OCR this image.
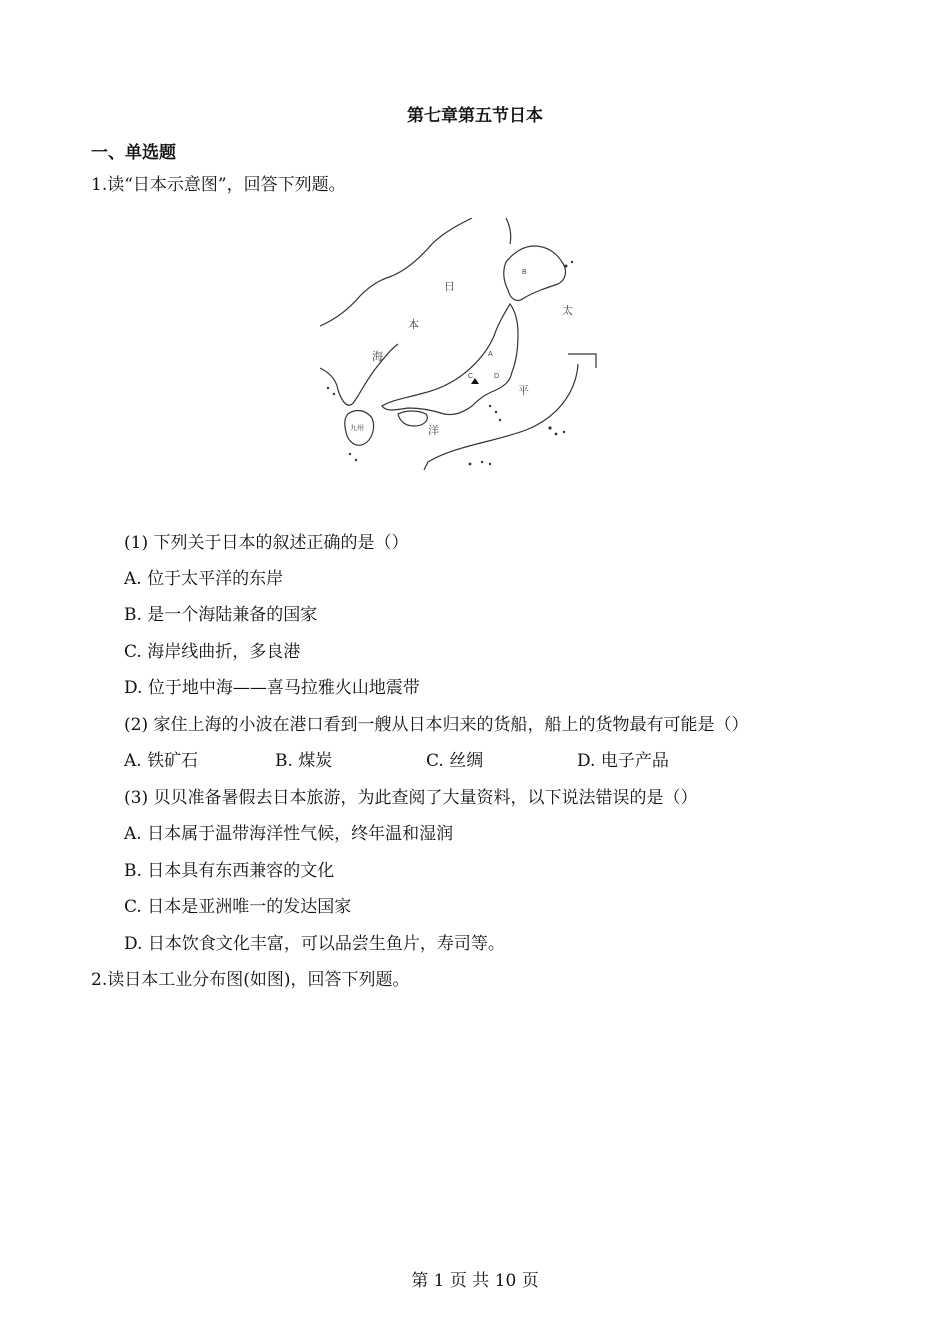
第七章第五节日本
一、单选题
1.读“日本示意图”，回答下列题。
日
本
海
太
平
洋
九州
A
B
C	D
(1) 下列关于日本的叙述正确的是（）
A. 位于太平洋的东岸
B. 是一个海陆兼备的国家
C. 海岸线曲折，多良港
D. 位于地中海——喜马拉雅火山地震带
(2) 家住上海的小波在港口看到一艘从日本归来的货船，船上的货物最有可能是（）
A. 铁矿石	B. 煤炭	C. 丝绸	D. 电子产品
(3) 贝贝准备暑假去日本旅游，为此查阅了大量资料，以下说法错误的是（）
A. 日本属于温带海洋性气候，终年温和湿润
B. 日本具有东西兼容的文化
C. 日本是亚洲唯一的发达国家
D. 日本饮食文化丰富，可以品尝生鱼片，寿司等。
2.读日本工业分布图(如图)，回答下列题。
第 1 页 共 10 页
